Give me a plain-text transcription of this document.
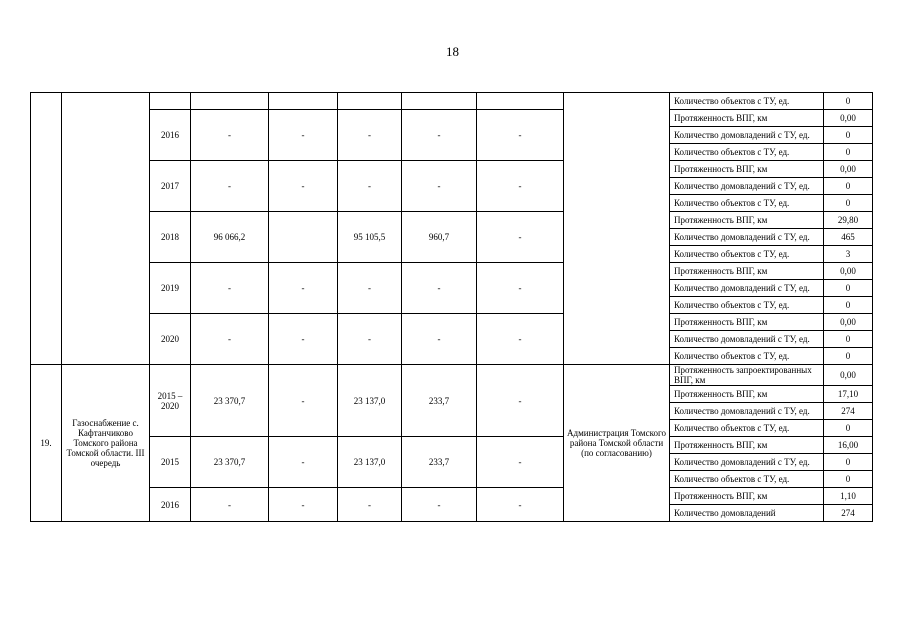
18
									Количество объектов с ТУ, ед.	0
		2016	-	-	-	-	-		Протяженность ВПГ, км	0,00
									Количество домовладений с ТУ, ед.	0
									Количество объектов с ТУ, ед.	0
		2017	-	-	-	-	-		Протяженность ВПГ, км	0,00
									Количество домовладений с ТУ, ед.	0
									Количество объектов с ТУ, ед.	0
		2018	96 066,2		95 105,5	960,7	-		Протяженность ВПГ, км	29,80
									Количество домовладений с ТУ, ед.	465
									Количество объектов с ТУ, ед.	3
		2019	-	-	-	-	-		Протяженность ВПГ, км	0,00
									Количество домовладений с ТУ, ед.	0
									Количество объектов с ТУ, ед.	0
		2020	-	-	-	-	-		Протяженность ВПГ, км	0,00
									Количество домовладений с ТУ, ед.	0
									Количество объектов с ТУ, ед.	0
19.	Газоснабжение с. Кафтанчиково Томского района Томской области. III очередь	2015 – 2020	23 370,7	-	23 137,0	233,7	-	Администрация Томского района Томской области (по согласованию)	Протяженность запроектированных ВПГ, км	0,00
									Протяженность ВПГ, км	17,10
									Количество домовладений с ТУ, ед.	274
									Количество объектов с ТУ, ед.	0
		2015	23 370,7	-	23 137,0	233,7	-		Протяженность ВПГ, км	16,00
									Количество домовладений с ТУ, ед.	0
									Количество объектов с ТУ, ед.	0
		2016	-	-	-	-	-		Протяженность ВПГ, км	1,10
									Количество домовладений	274
